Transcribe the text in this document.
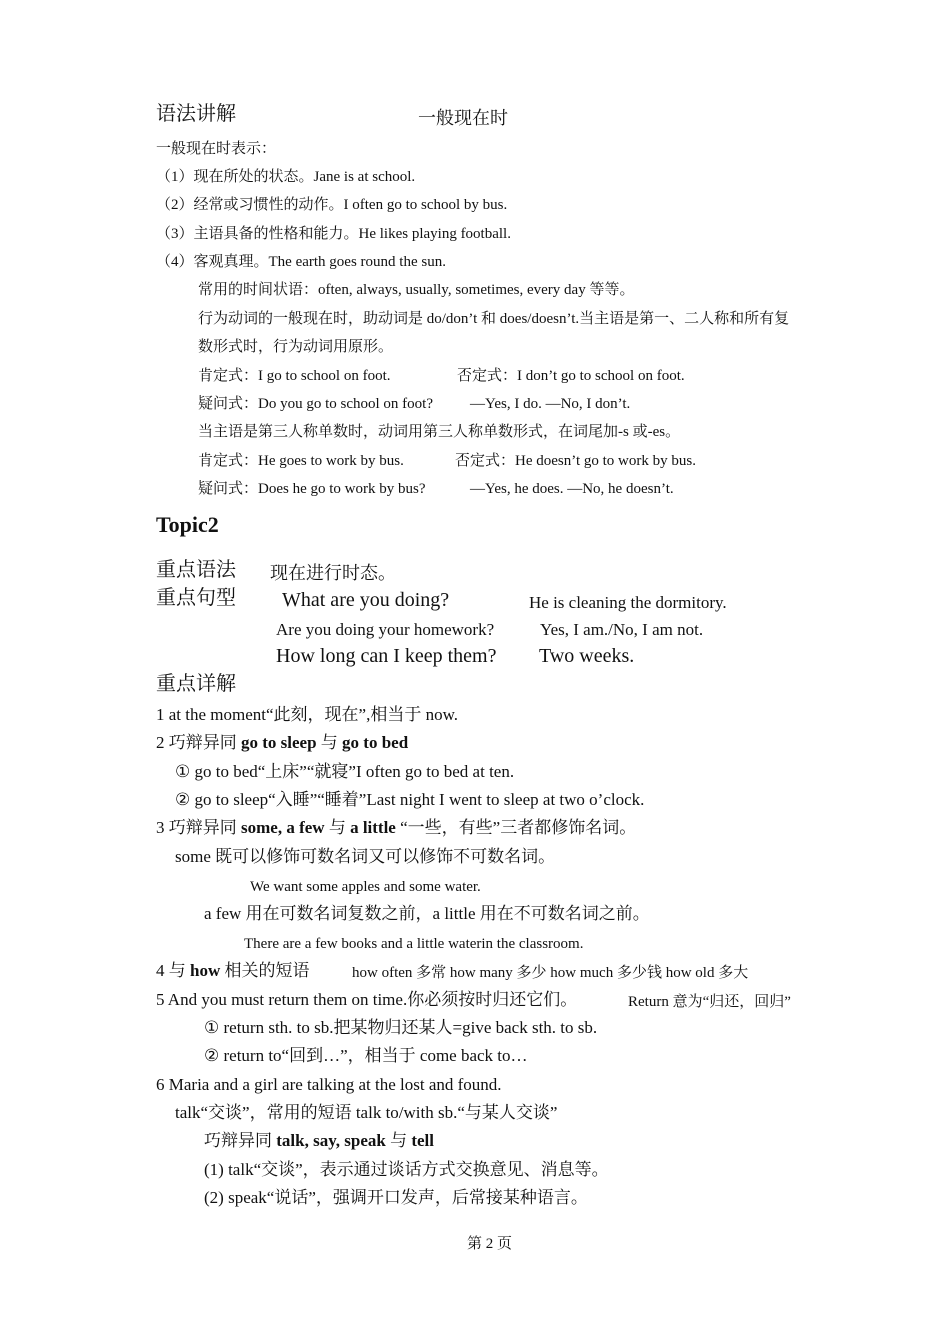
语法讲解	一般现在时
一般现在时表示：
（1）现在所处的状态。Jane is at school.
（2）经常或习惯性的动作。I often go to school by bus.
（3）主语具备的性格和能力。He likes playing football.
（4）客观真理。The earth goes round the sun.
常用的时间状语：often, always, usually, sometimes, every day 等等。
行为动词的一般现在时，助动词是 do/don’t 和 does/doesn’t.当主语是第一、二人称和所有复
数形式时，行为动词用原形。
肯定式：I go to school on foot.	否定式：I don’t go to school on foot.
疑问式：Do you go to school on foot? —Yes, I do. —No, I don’t.
当主语是第三人称单数时，动词用第三人称单数形式，在词尾加-s 或-es。
肯定式：He goes to work by bus.	否定式：He doesn’t go to work by bus.
疑问式：Does he go to work by bus?	—Yes, he does. —No, he doesn’t.
Topic2
重点语法 现在进行时态。
重点句型 What are you doing?	He is cleaning the dormitory.
Are you doing your homework?	Yes, I am./No, I am not.
How long can I keep them? Two weeks.
重点详解
1 at the moment“此刻，现在”,相当于 now.
2 巧辩异同 go to sleep 与 go to bed
① go to bed“上床”“就寝”I often go to bed at ten.
② go to sleep“入睡”“睡着”Last night I went to sleep at two o’clock.
3 巧辩异同 some, a few 与 a little “一些，有些”三者都修饰名词。
some 既可以修饰可数名词又可以修饰不可数名词。
We want some apples and some water.
a few 用在可数名词复数之前，a little 用在不可数名词之前。
There are a few books and a little waterin the classroom.
4 与 how 相关的短语	how often 多常 how many 多少 how much 多少钱 how old 多大
5 And you must return them on time.你必须按时归还它们。	Return 意为“归还，回归”
① return sth. to sb.把某物归还某人=give back sth. to sb.
② return to“回到…”，相当于 come back to…
6 Maria and a girl are talking at the lost and found.
talk“交谈”，常用的短语 talk to/with sb.“与某人交谈”
巧辩异同 talk, say, speak 与 tell
(1) talk“交谈”，表示通过谈话方式交换意见、消息等。
(2) speak“说话”，强调开口发声，后常接某种语言。
第 2 页
